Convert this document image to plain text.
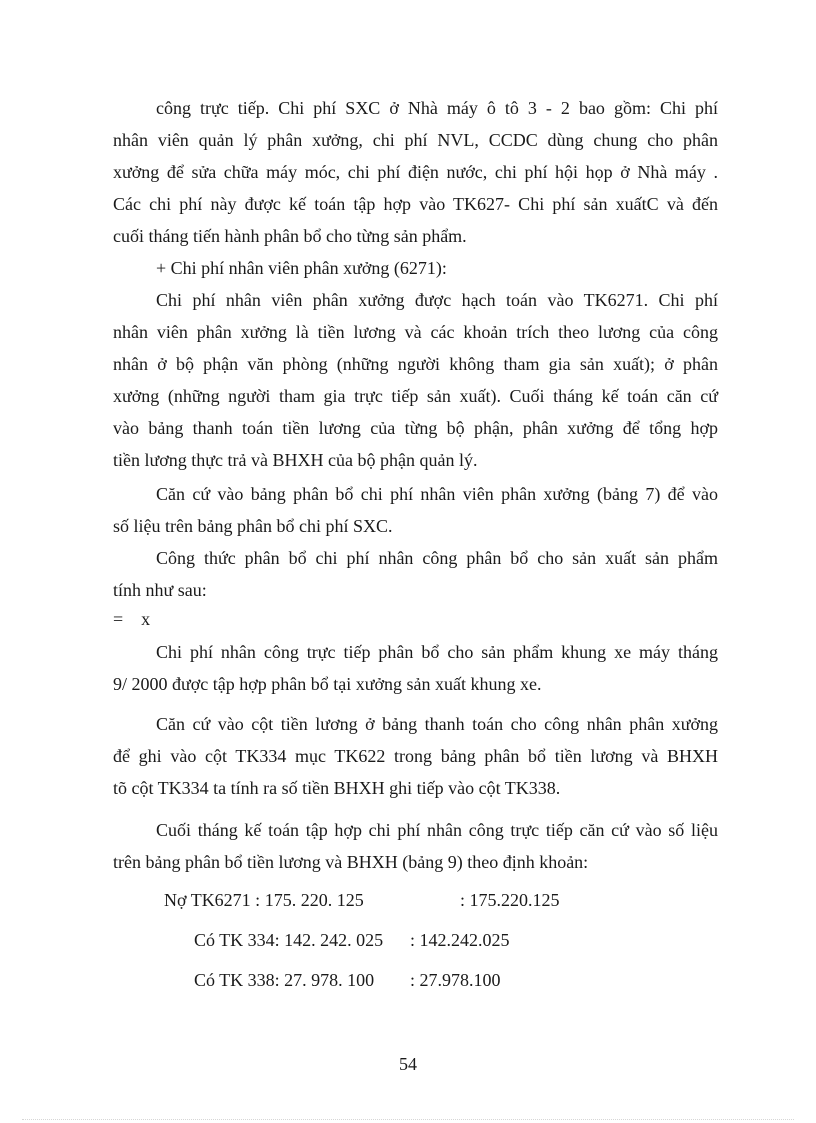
công trực tiếp. Chi phí SXC ở Nhà máy ô tô 3 - 2 bao gồm: Chi phí
nhân viên quản lý phân xưởng, chi phí NVL, CCDC dùng chung cho phân
xưởng để sửa chữa máy móc, chi phí điện nước, chi phí hội họp ở Nhà máy .
Các chi phí này được kế toán tập hợp vào TK627- Chi phí sản xuấtC và đến
cuối tháng tiến hành phân bổ cho từng sản phẩm.
+ Chi phí nhân viên phân xưởng (6271):
Chi phí nhân viên phân xưởng được hạch toán vào TK6271. Chi phí
nhân viên phân xưởng là tiền lương và các khoản trích theo lương của công
nhân ở bộ phận văn phòng (những người không tham gia sản xuất); ở phân
xưởng (những người tham gia trực tiếp sản xuất). Cuối tháng kế toán căn cứ
vào bảng thanh toán tiền lương của từng bộ phận, phân xưởng để tổng hợp
tiền lương thực trả và BHXH của bộ phận quản lý.
Căn cứ vào bảng phân bổ chi phí nhân viên phân xưởng (bảng 7) để vào
số liệu trên bảng phân bổ chi phí SXC.
Công thức phân bổ chi phí nhân công phân bổ cho sản xuất sản phẩm
tính như sau:
=    x
Chi phí nhân công trực tiếp phân bổ cho sản phẩm khung xe máy tháng
9/ 2000 được tập hợp phân bổ tại xưởng sản xuất khung xe.
Căn cứ vào cột tiền lương ở bảng thanh toán cho công nhân phân xưởng
để ghi vào cột TK334 mục TK622 trong bảng phân bổ tiền lương và BHXH
tõ cột TK334 ta tính ra số tiền BHXH ghi tiếp vào cột TK338.
Cuối tháng kế toán tập hợp chi phí nhân công trực tiếp căn cứ vào số liệu
trên bảng phân bổ tiền lương và BHXH (bảng 9) theo định khoản:
Nợ TK6271 : 175. 220. 125	: 175.220.125
Có TK 334: 142. 242. 025 : 142.242.025
Có TK 338: 27. 978. 100 : 27.978.100
54
